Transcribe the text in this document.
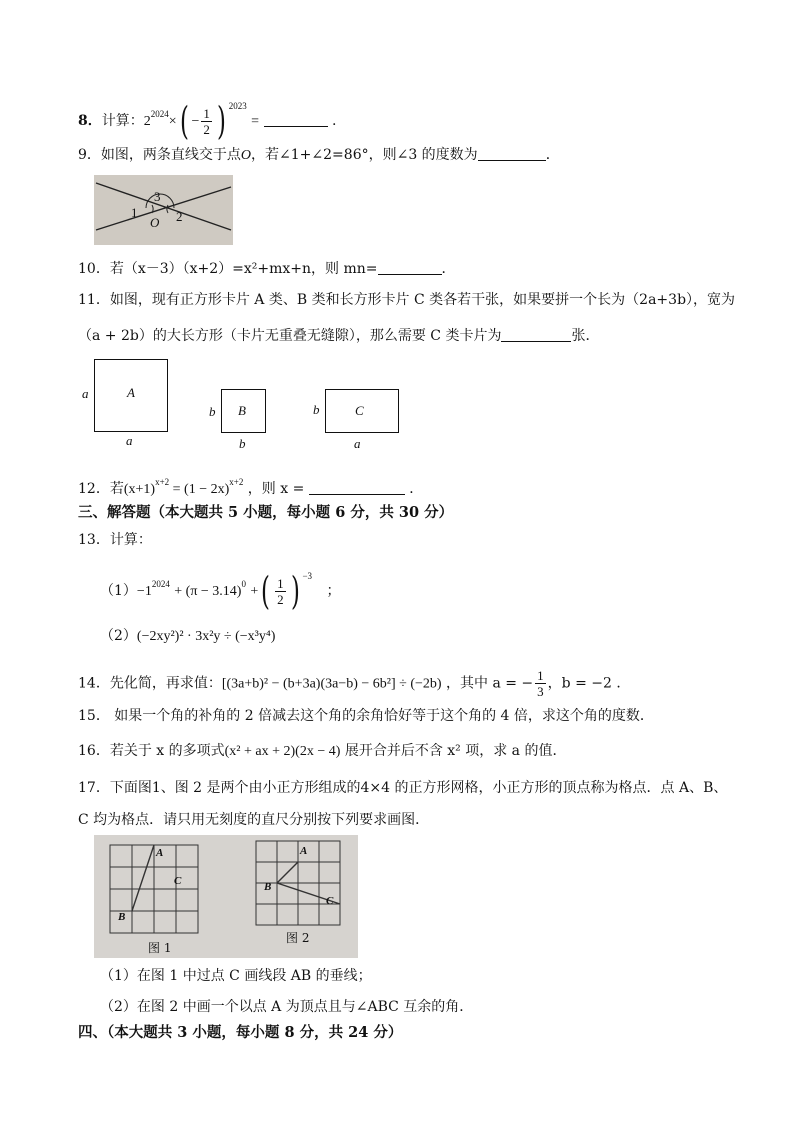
8．计算：$2^{2024}\times( - \frac{1}{2}$ ) $^{2023}$ =	.
9．如图，两条直线交于点O，若∠1+∠2=86°，则∠3 的度数为	．
3
1	2
O
10．若（x－3）（x+2）=x²+mx+n，则 mn=	．
11．如图，现有正方形卡片 A 类、B 类和长方形卡片 C 类各若干张，如果要拼一个长为（2a+3b），宽为
（a + 2b）的大长方形（卡片无重叠无缝隙），那么需要 C 类卡片为	张．
A
a
a
B
b
b
C
b
a
12．若$(x+1)^{x+2} = (1 - 2x)^{x+2}$ ，则 x =	．
三、解答题（本大题共 5 小题，每小题 6 分，共 30 分）
13．计算：
$(1)-1^{2024} + (\pi - 3.14)^0$ +( $\frac{1}{2}$ ) $^{-3}$ ；
（2）(−2xy²)² · 3x²y ÷ (−x³y⁴)
14．先化简，再求值：[(3a+b)² − (b+3a)(3a−b) − 6b²] ÷ (−2b) ，其中 a = − $\frac{1}{3}$ ，b = −2 ．
15． 如果一个角的补角的 2 倍减去这个角的余角恰好等于这个角的 4 倍，求这个角的度数．
16．若关于 x 的多项式(x² + ax + 2)(2x − 4) 展开合并后不含 x² 项，求 a 的值．
17．下面图1、图 2 是两个由小正方形组成的4×4 的正方形网格，小正方形的顶点称为格点．点 A、B、
C 均为格点．请只用无刻度的直尺分别按下列要求画图．
A
C
B
A
B
C
图 1
图 2
（1）在图 1 中过点 C 画线段 AB 的垂线；
（2）在图 2 中画一个以点 A 为顶点且与∠ABC 互余的角．
四、（本大题共 3 小题，每小题 8 分，共 24 分）
